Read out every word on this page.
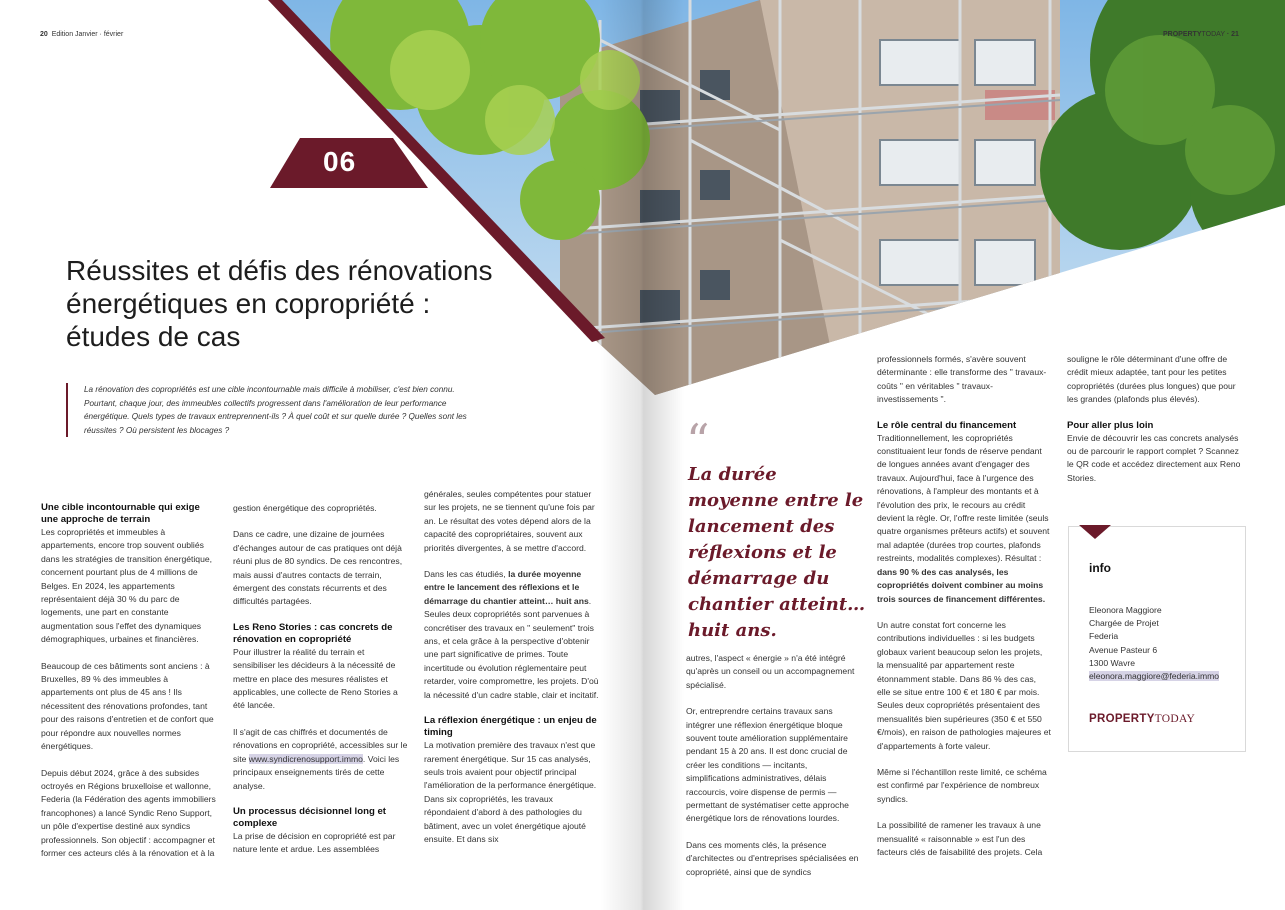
06
20 Edition Janvier · février	PROPERTYTODAY · 21
Réussites et défis des rénovations énergétiques en copropriété : études de cas
La rénovation des copropriétés est une cible incontournable mais difficile à mobiliser, c'est bien connu. Pourtant, chaque jour, des immeubles collectifs progressent dans l'amélioration de leur performance énergétique. Quels types de travaux entreprennent-ils ? À quel coût et sur quelle durée ? Quelles sont les réussites ? Où persistent les blocages ?
Une cible incontournable qui exige une approche de terrain

Les copropriétés et immeubles à appartements, encore trop souvent oubliés dans les stratégies de transition énergétique, concernent pourtant plus de 4 millions de Belges. En 2024, les appartements représentaient déjà 30 % du parc de logements, une part en constante augmentation sous l'effet des dynamiques démographiques, urbaines et financières.

Beaucoup de ces bâtiments sont anciens : à Bruxelles, 89 % des immeubles à appartements ont plus de 45 ans ! Ils nécessitent des rénovations profondes, tant pour des raisons d'entretien et de confort que pour répondre aux nouvelles normes énergétiques.

Depuis début 2024, grâce à des subsides octroyés en Régions bruxelloise et wallonne, Federia (la Fédération des agents immobiliers francophones) a lancé Syndic Reno Support, un pôle d'expertise destiné aux syndics professionnels. Son objectif : accompagner et former ces acteurs clés à la rénovation et à la

gestion énergétique des copropriétés.

Dans ce cadre, une dizaine de journées d'échanges autour de cas pratiques ont déjà réuni plus de 80 syndics. De ces rencontres, mais aussi d'autres contacts de terrain, émergent des constats récurrents et des difficultés partagées.

Les Reno Stories : cas concrets de rénovation en copropriété

Pour illustrer la réalité du terrain et sensibiliser les décideurs à la nécessité de mettre en place des mesures réalistes et applicables, une collecte de Reno Stories a été lancée.

Il s'agit de cas chiffrés et documentés de rénovations en copropriété, accessibles sur le site www.syndicrenosupport.immo. Voici les principaux enseignements tirés de cette analyse.

Un processus décisionnel long et complexe

La prise de décision en copropriété est par nature lente et ardue. Les assemblées

générales, seules compétentes pour statuer sur les projets, ne se tiennent qu'une fois par an. Le résultat des votes dépend alors de la capacité des copropriétaires, souvent aux priorités divergentes, à se mettre d'accord.

Dans les cas étudiés, la durée moyenne entre le lancement des réflexions et le démarrage du chantier atteint… huit ans. Seules deux copropriétés sont parvenues à concrétiser des travaux en " seulement" trois ans, et cela grâce à la perspective d'obtenir une part significative de primes. Toute incertitude ou évolution réglementaire peut retarder, voire compromettre, les projets. D'où la nécessité d'un cadre stable, clair et incitatif.

La réflexion énergétique : un enjeu de timing

La motivation première des travaux n'est que rarement énergétique. Sur 15 cas analysés, seuls trois avaient pour objectif principal l'amélioration de la performance énergétique. Dans six copropriétés, les travaux répondaient d'abord à des pathologies du bâtiment, avec un volet énergétique ajouté ensuite. Et dans six

“
La durée moyenne entre le lancement des réflexions et le démarrage du chantier atteint… huit ans.

autres, l'aspect « énergie » n'a été intégré qu'après un conseil ou un accompagnement spécialisé.

Or, entreprendre certains travaux sans intégrer une réflexion énergétique bloque souvent toute amélioration supplémentaire pendant 15 à 20 ans. Il est donc crucial de créer les conditions — incitants, simplifications administratives, délais raccourcis, voire dispense de permis — permettant de systématiser cette approche énergétique lors de rénovations lourdes.

Dans ces moments clés, la présence d'architectes ou d'entreprises spécialisées en copropriété, ainsi que de syndics

professionnels formés, s'avère souvent déterminante : elle transforme des " travaux-coûts " en véritables " travaux-investissements ".

Le rôle central du financement

Traditionnellement, les copropriétés constituaient leur fonds de réserve pendant de longues années avant d'engager des travaux. Aujourd'hui, face à l'urgence des rénovations, à l'ampleur des montants et à l'évolution des prix, le recours au crédit devient la règle. Or, l'offre reste limitée (seuls quatre organismes prêteurs actifs) et souvent mal adaptée (durées trop courtes, plafonds restreints, modalités complexes). Résultat : dans 90 % des cas analysés, les copropriétés doivent combiner au moins trois sources de financement différentes.

Un autre constat fort concerne les contributions individuelles : si les budgets globaux varient beaucoup selon les projets, la mensualité par appartement reste étonnamment stable. Dans 86 % des cas, elle se situe entre 100 € et 180 € par mois. Seules deux copropriétés présentaient des mensualités bien supérieures (350 € et 550 €/mois), en raison de pathologies majeures et d'appartements à forte valeur.

Même si l'échantillon reste limité, ce schéma est confirmé par l'expérience de nombreux syndics.

La possibilité de ramener les travaux à une mensualité « raisonnable » est l'un des facteurs clés de faisabilité des projets. Cela

souligne le rôle déterminant d'une offre de crédit mieux adaptée, tant pour les petites copropriétés (durées plus longues) que pour les grandes (plafonds plus élevés).

Pour aller plus loin

Envie de découvrir les cas concrets analysés ou de parcourir le rapport complet ? Scannez le QR code et accédez directement aux Reno Stories.

info
Eleonora Maggiore
Chargée de Projet
Federia
Avenue Pasteur 6
1300 Wavre
eleonora.maggiore@federia.immo
PROPERTYTODAY
